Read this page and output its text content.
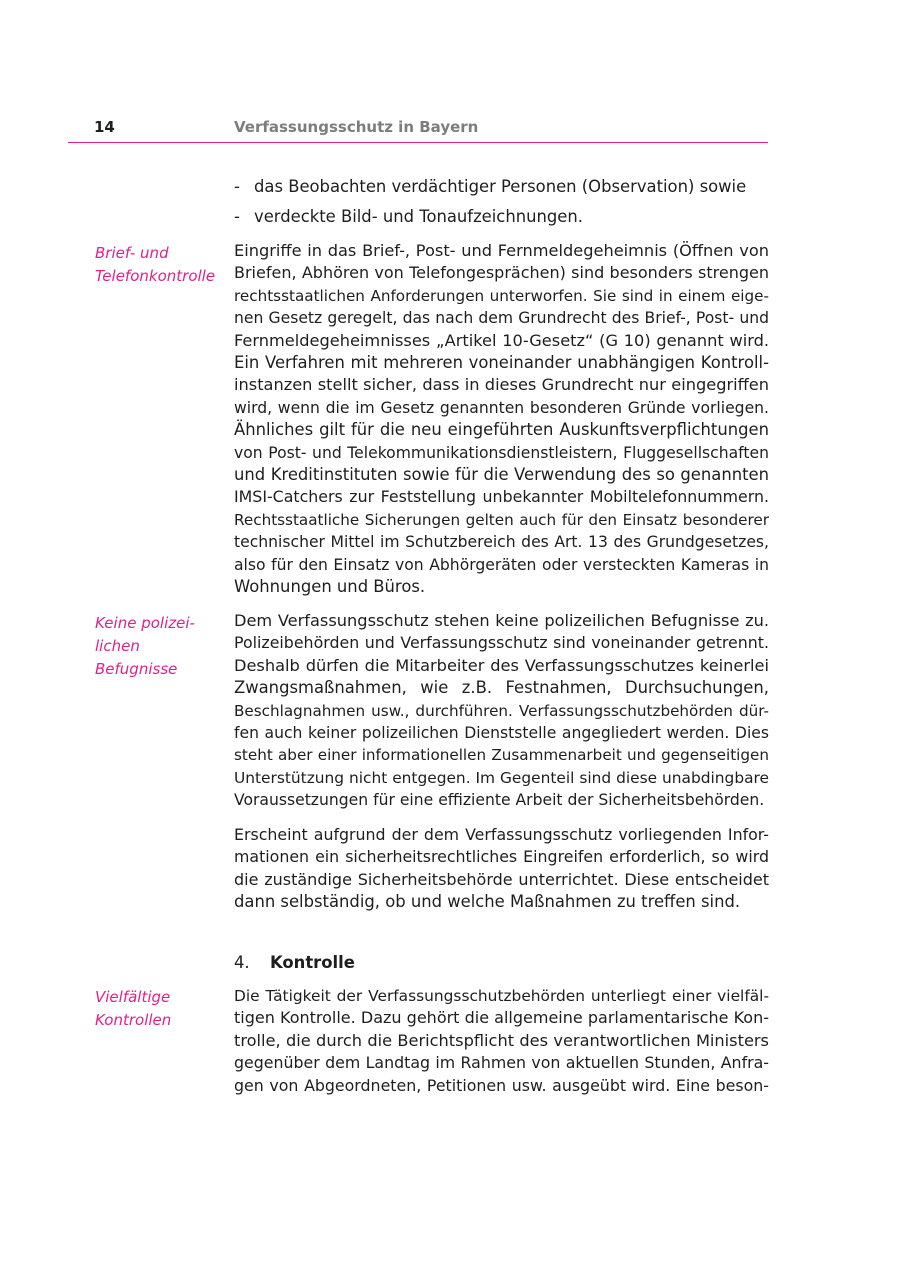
14	Verfassungsschutz in Bayern
- das Beobachten verdächtiger Personen (Observation) sowie
- verdeckte Bild- und Tonaufzeichnungen.
Brief- und
Telefonkontrolle
Eingriffe in das Brief-, Post- und Fernmeldegeheimnis (Öffnen von
Briefen, Abhören von Telefongesprächen) sind besonders strengen
rechtsstaatlichen Anforderungen unterworfen. Sie sind in einem eige-
nen Gesetz geregelt, das nach dem Grundrecht des Brief-, Post- und
Fernmeldegeheimnisses „Artikel 10-Gesetz“ (G 10) genannt wird.
Ein Verfahren mit mehreren voneinander unabhängigen Kontroll-
instanzen stellt sicher, dass in dieses Grundrecht nur eingegriffen
wird, wenn die im Gesetz genannten besonderen Gründe vorliegen.
Ähnliches gilt für die neu eingeführten Auskunftsverpflichtungen
von Post- und Telekommunikationsdienstleistern, Fluggesellschaften
und Kreditinstituten sowie für die Verwendung des so genannten
IMSI-Catchers zur Feststellung unbekannter Mobiltelefonnummern.
Rechtsstaatliche Sicherungen gelten auch für den Einsatz besonderer
technischer Mittel im Schutzbereich des Art. 13 des Grundgesetzes,
also für den Einsatz von Abhörgeräten oder versteckten Kameras in
Wohnungen und Büros.
Keine polizei-
lichen Befugnisse
Dem Verfassungsschutz stehen keine polizeilichen Befugnisse zu.
Polizeibehörden und Verfassungsschutz sind voneinander getrennt.
Deshalb dürfen die Mitarbeiter des Verfassungsschutzes keinerlei
Zwangsmaßnahmen, wie z.B. Festnahmen, Durchsuchungen,
Beschlagnahmen usw., durchführen. Verfassungsschutzbehörden dür-
fen auch keiner polizeilichen Dienststelle angegliedert werden. Dies
steht aber einer informationellen Zusammenarbeit und gegenseitigen
Unterstützung nicht entgegen. Im Gegenteil sind diese unabdingbare
Voraussetzungen für eine effiziente Arbeit der Sicherheitsbehörden.
Erscheint aufgrund der dem Verfassungsschutz vorliegenden Infor-
mationen ein sicherheitsrechtliches Eingreifen erforderlich, so wird
die zuständige Sicherheitsbehörde unterrichtet. Diese entscheidet
dann selbständig, ob und welche Maßnahmen zu treffen sind.
4. Kontrolle
Vielfältige
Kontrollen
Die Tätigkeit der Verfassungsschutzbehörden unterliegt einer vielfäl-
tigen Kontrolle. Dazu gehört die allgemeine parlamentarische Kon-
trolle, die durch die Berichtspflicht des verantwortlichen Ministers
gegenüber dem Landtag im Rahmen von aktuellen Stunden, Anfra-
gen von Abgeordneten, Petitionen usw. ausgeübt wird. Eine beson-
